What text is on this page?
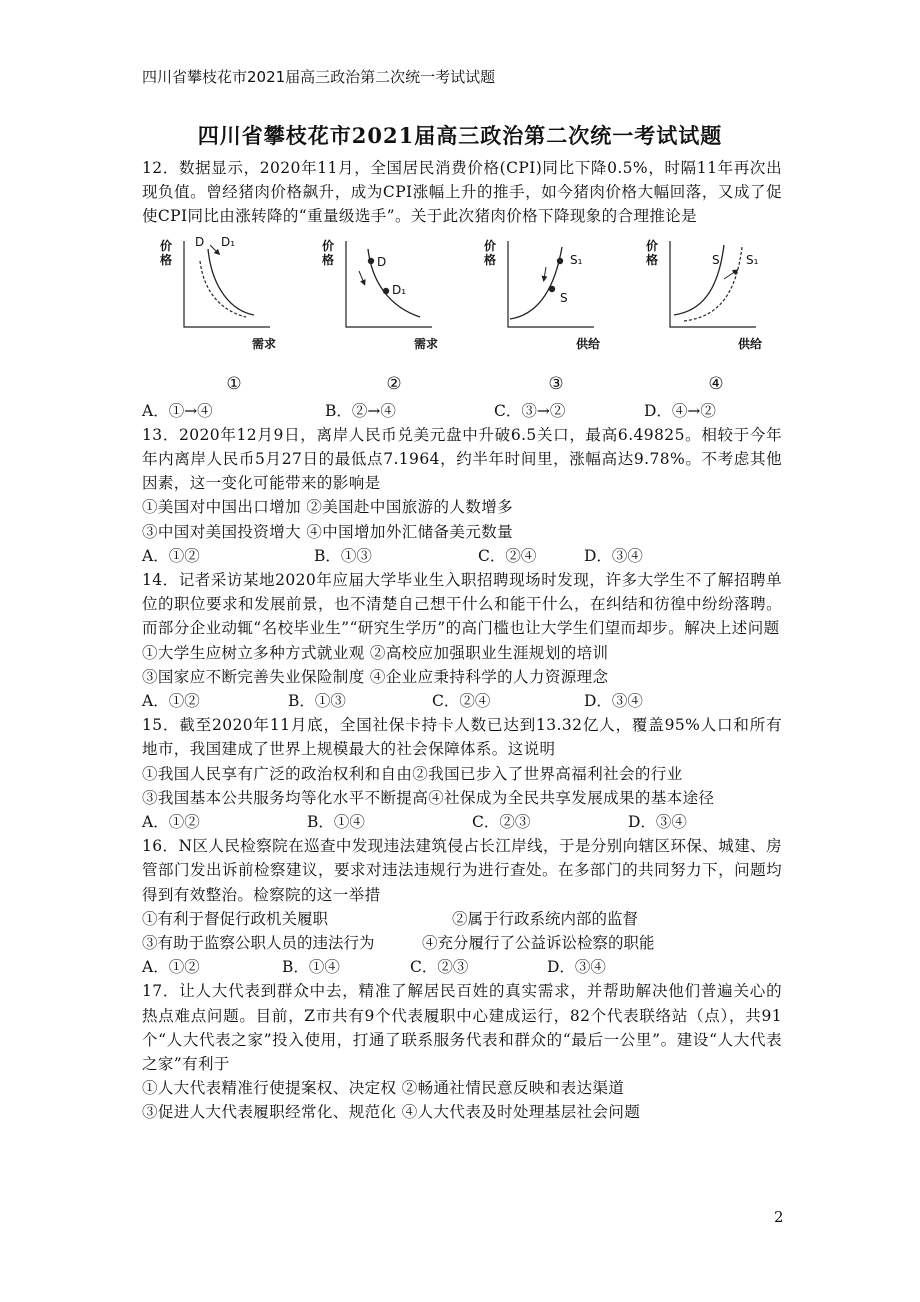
四川省攀枝花市2021届高三政治第二次统一考试试题
四川省攀枝花市2021届高三政治第二次统一考试试题

12．数据显示，2020年11月，全国居民消费价格(CPI)同比下降0.5%，时隔11年再次出现负值。曾经猪肉价格飙升，成为CPI涨幅上升的推手，如今猪肉价格大幅回落，又成了促使CPI同比由涨转降的“重量级选手”。关于此次猪肉价格下降现象的合理推论是

价格
D D₁
需求
①
价格	D
D₁
需求
②
价格	S₁
S
供给
③
价格	S S₁
供给
④
A．①→④	B．②→④	C．③→②	D．④→②

13．2020年12月9日，离岸人民币兑美元盘中升破6.5关口，最高6.49825。相较于今年年内离岸人民币5月27日的最低点7.1964，约半年时间里，涨幅高达9.78%。不考虑其他因素，这一变化可能带来的影响是

①美国对中国出口增加 ②美国赴中国旅游的人数增多

③中国对美国投资增大 ④中国增加外汇储备美元数量

A．①②	B．①③	C．②④	D．③④

14．记者采访某地2020年应届大学毕业生入职招聘现场时发现，许多大学生不了解招聘单位的职位要求和发展前景，也不清楚自己想干什么和能干什么，在纠结和彷徨中纷纷落聘。而部分企业动辄“名校毕业生”“研究生学历”的高门槛也让大学生们望而却步。解决上述问题

①大学生应树立多种方式就业观 ②高校应加强职业生涯规划的培训

③国家应不断完善失业保险制度 ④企业应秉持科学的人力资源理念

A．①②	B．①③	C．②④	D．③④

15．截至2020年11月底，全国社保卡持卡人数已达到13.32亿人，覆盖95%人口和所有地市，我国建成了世界上规模最大的社会保障体系。这说明

①我国人民享有广泛的政治权利和自由②我国已步入了世界高福利社会的行业

③我国基本公共服务均等化水平不断提高④社保成为全民共享发展成果的基本途径

A．①②	B．①④	C．②③	D．③④

16．N区人民检察院在巡查中发现违法建筑侵占长江岸线，于是分别向辖区环保、城建、房管部门发出诉前检察建议，要求对违法违规行为进行查处。在多部门的共同努力下，问题均得到有效整治。检察院的这一举措

①有利于督促行政机关履职	②属于行政系统内部的监督
③有助于监察公职人员的违法行为	④充分履行了公益诉讼检察的职能
A．①②	B．①④	C．②③	D．③④

17．让人大代表到群众中去，精准了解居民百姓的真实需求，并帮助解决他们普遍关心的热点难点问题。目前，Z市共有9个代表履职中心建成运行，82个代表联络站（点），共91个“人大代表之家”投入使用，打通了联系服务代表和群众的“最后一公里”。建设“人大代表之家”有利于

①人大代表精准行使提案权、决定权 ②畅通社情民意反映和表达渠道

③促进人大代表履职经常化、规范化 ④人大代表及时处理基层社会问题

2
